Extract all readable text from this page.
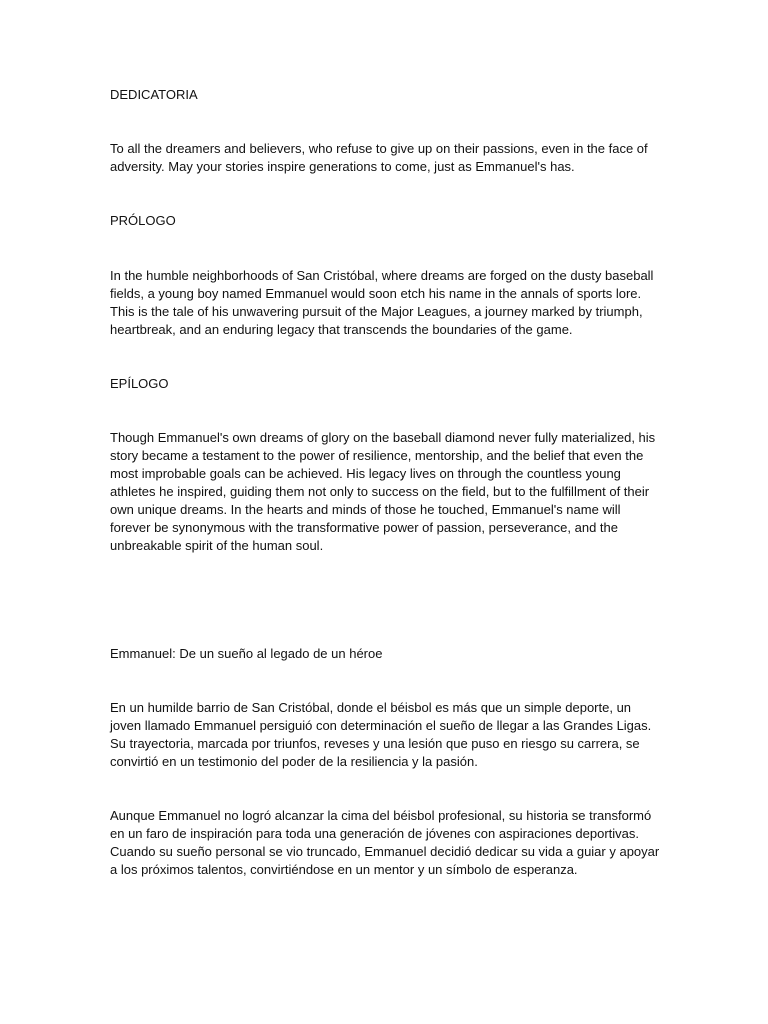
DEDICATORIA

To all the dreamers and believers, who refuse to give up on their passions, even in the face of adversity. May your stories inspire generations to come, just as Emmanuel's has.

PRÓLOGO

In the humble neighborhoods of San Cristóbal, where dreams are forged on the dusty baseball fields, a young boy named Emmanuel would soon etch his name in the annals of sports lore. This is the tale of his unwavering pursuit of the Major Leagues, a journey marked by triumph, heartbreak, and an enduring legacy that transcends the boundaries of the game.

EPÍLOGO

Though Emmanuel's own dreams of glory on the baseball diamond never fully materialized, his story became a testament to the power of resilience, mentorship, and the belief that even the most improbable goals can be achieved. His legacy lives on through the countless young athletes he inspired, guiding them not only to success on the field, but to the fulfillment of their own unique dreams. In the hearts and minds of those he touched, Emmanuel's name will forever be synonymous with the transformative power of passion, perseverance, and the unbreakable spirit of the human soul.

Emmanuel: De un sueño al legado de un héroe

En un humilde barrio de San Cristóbal, donde el béisbol es más que un simple deporte, un joven llamado Emmanuel persiguió con determinación el sueño de llegar a las Grandes Ligas. Su trayectoria, marcada por triunfos, reveses y una lesión que puso en riesgo su carrera, se convirtió en un testimonio del poder de la resiliencia y la pasión.

Aunque Emmanuel no logró alcanzar la cima del béisbol profesional, su historia se transformó en un faro de inspiración para toda una generación de jóvenes con aspiraciones deportivas. Cuando su sueño personal se vio truncado, Emmanuel decidió dedicar su vida a guiar y apoyar a los próximos talentos, convirtiéndose en un mentor y un símbolo de esperanza.
